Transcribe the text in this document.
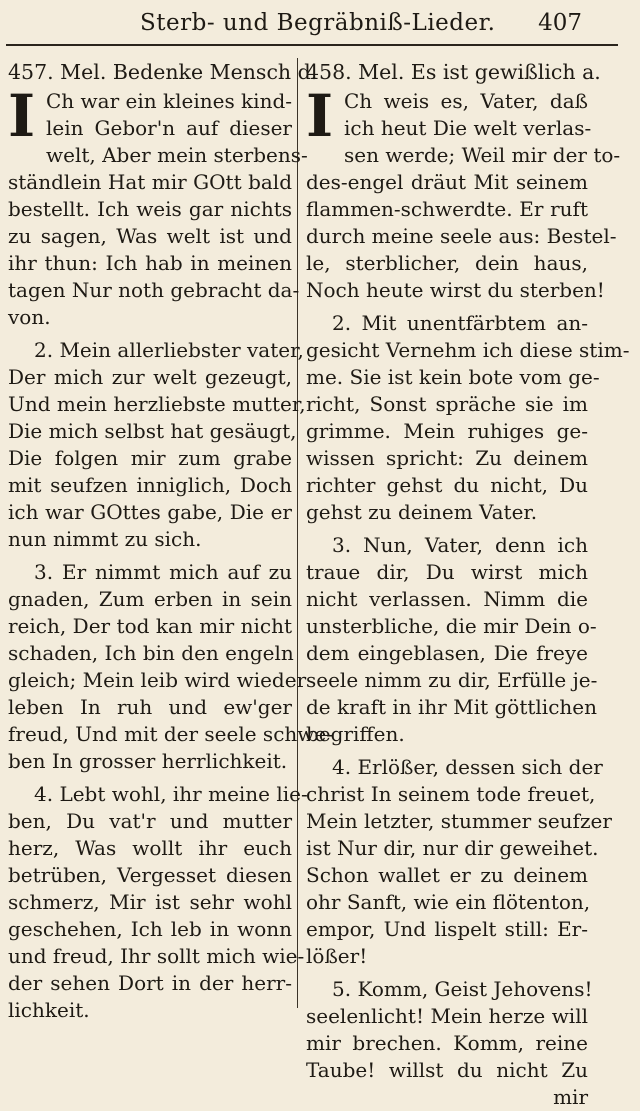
Sterb- und Begräbniß-Lieder. 407
457. Mel. Bedenke Mensch d.
I Ch war ein kleines kind-
lein Gebor'n auf dieser
welt, Aber mein sterbens-
ständlein Hat mir GOtt bald
bestellt. Ich weis gar nichts
zu sagen, Was welt ist und
ihr thun: Ich hab in meinen
tagen Nur noth gebracht da-
von.
2. Mein allerliebster vater,
Der mich zur welt gezeugt,
Und mein herzliebste mutter,
Die mich selbst hat gesäugt,
Die folgen mir zum grabe
mit seufzen inniglich, Doch
ich war GOttes gabe, Die er
nun nimmt zu sich.
3. Er nimmt mich auf zu
gnaden, Zum erben in sein
reich, Der tod kan mir nicht
schaden, Ich bin den engeln
gleich; Mein leib wird wieder
leben In ruh und ew'ger
freud, Und mit der seele schwe-
ben In grosser herrlichkeit.
4. Lebt wohl, ihr meine lie-
ben, Du vat'r und mutter
herz, Was wollt ihr euch
betrüben, Vergesset diesen
schmerz, Mir ist sehr wohl
geschehen, Ich leb in wonn
und freud, Ihr sollt mich wie-
der sehen Dort in der herr-
lichkeit.
458. Mel. Es ist gewißlich a.
I Ch weis es, Vater, daß
ich heut Die welt verlas-
sen werde; Weil mir der to-
des-engel dräut Mit seinem
flammen-schwerdte. Er ruft
durch meine seele aus: Bestel-
le, sterblicher, dein haus,
Noch heute wirst du sterben!
2. Mit unentfärbtem an-
gesicht Vernehm ich diese stim-
me. Sie ist kein bote vom ge-
richt, Sonst spräche sie im
grimme. Mein ruhiges ge-
wissen spricht: Zu deinem
richter gehst du nicht, Du
gehst zu deinem Vater.
3. Nun, Vater, denn ich
traue dir, Du wirst mich
nicht verlassen. Nimm die
unsterbliche, die mir Dein o-
dem eingeblasen, Die freye
seele nimm zu dir, Erfülle je-
de kraft in ihr Mit göttlichen
begriffen.
4. Erlößer, dessen sich der
christ In seinem tode freuet,
Mein letzter, stummer seufzer
ist Nur dir, nur dir geweihet.
Schon wallet er zu deinem
ohr Sanft, wie ein flötenton,
empor, Und lispelt still: Er-
lößer!
5. Komm, Geist Jehovens!
seelenlicht! Mein herze will
mir brechen. Komm, reine
Taube! willst du nicht Zu
mir
